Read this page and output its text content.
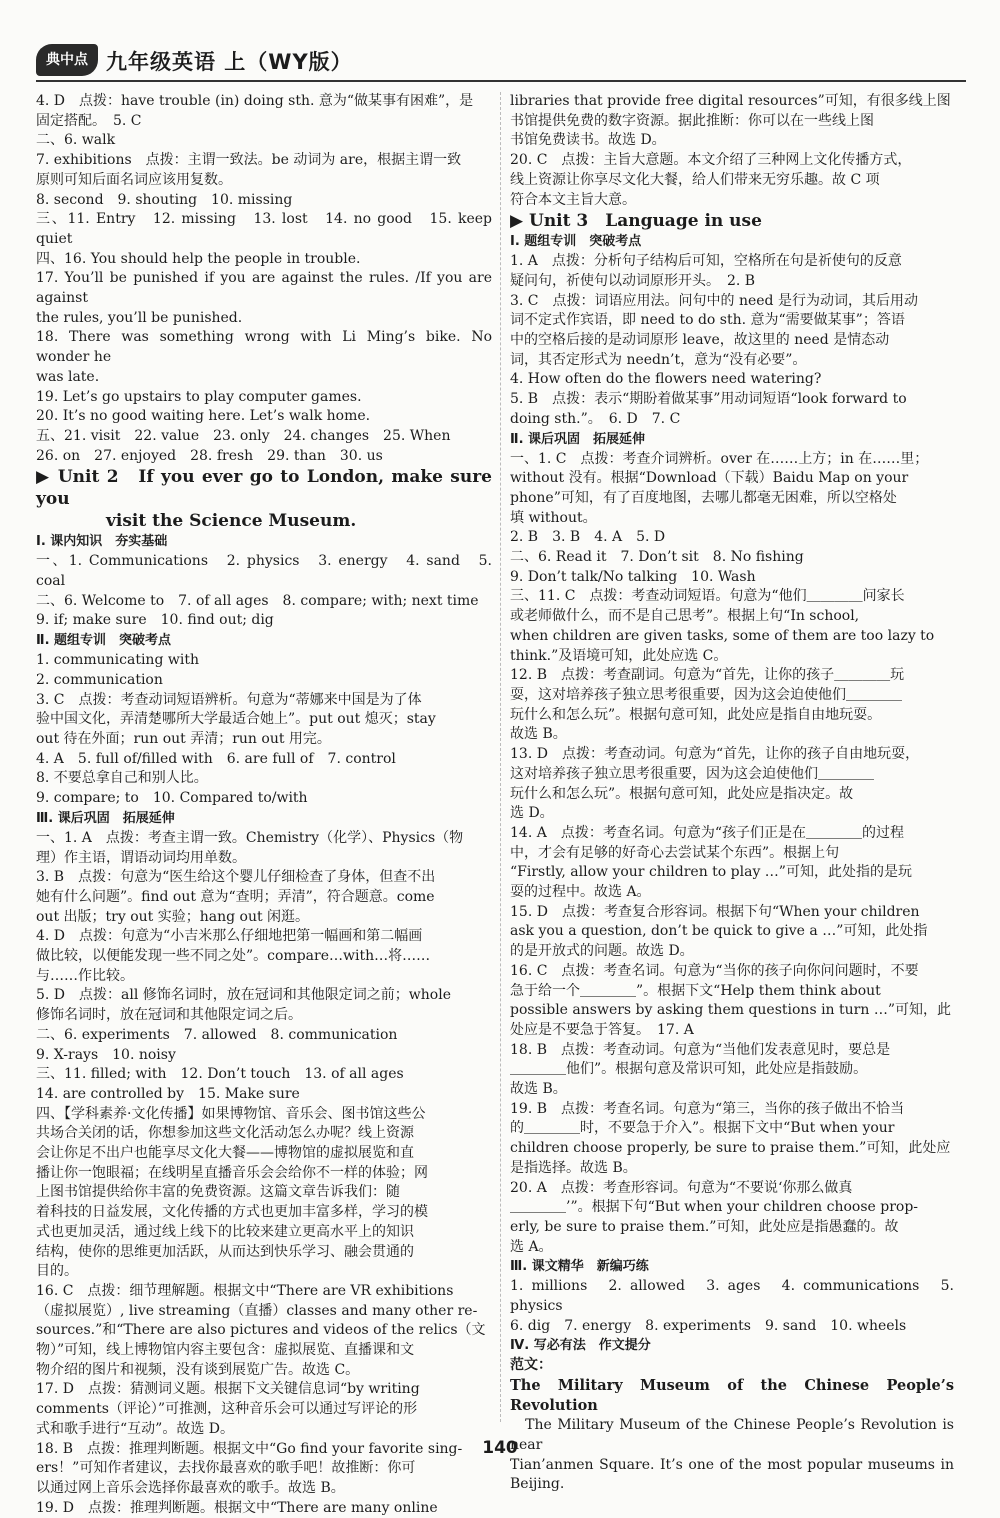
典中点 九年级英语 上（WY版）

4. D　点拨：have trouble (in) doing sth. 意为“做某事有困难”，是

固定搭配。　5. C

二、6. walk

7. exhibitions　点拨：主谓一致法。be 动词为 are，根据主谓一致

原则可知后面名词应该用复数。

8. second　9. shouting　10. missing

三、11. Entry　12. missing　13. lost　14. no good　15. keep quiet

四、16. You should help the people in trouble.

17. You’ll be punished if you are against the rules. /If you are against

the rules, you’ll be punished.

18. There was something wrong with Li Ming’s bike. No wonder he

was late.

19. Let’s go upstairs to play computer games.

20. It’s no good waiting here. Let’s walk home.

五、21. visit　22. value　23. only　24. changes　25. When

26. on　27. enjoyed　28. fresh　29. than　30. us

▶ Unit 2　If you ever go to London, make sure you

visit the Science Museum.

Ⅰ. 课内知识　夯实基础

一、1. Communications　2. physics　3. energy　4. sand　5. coal

二、6. Welcome to　7. of all ages　8. compare; with; next time

9. if; make sure　10. find out; dig

Ⅱ. 题组专训　突破考点

1. communicating with

2. communication

3. C　点拨：考查动词短语辨析。句意为“蒂娜来中国是为了体

验中国文化，弄清楚哪所大学最适合她上”。put out 熄灭；stay

out 待在外面；run out 弄清；run out 用完。

4. A　5. full of/filled with　6. are full of　7. control

8. 不要总拿自己和别人比。

9. compare; to　10. Compared to/with

Ⅲ. 课后巩固　拓展延伸

一、1. A　点拨：考查主谓一致。Chemistry（化学）、Physics（物

理）作主语，谓语动词均用单数。

3. B　点拨：句意为“医生给这个婴儿仔细检查了身体，但查不出

她有什么问题”。find out 意为“查明；弄清”，符合题意。come

out 出版；try out 实验；hang out 闲逛。

4. D　点拨：句意为“小吉米那么仔细地把第一幅画和第二幅画

做比较，以便能发现一些不同之处”。compare…with…将……

与……作比较。

5. D　点拨：all 修饰名词时，放在冠词和其他限定词之前；whole

修饰名词时，放在冠词和其他限定词之后。

二、6. experiments　7. allowed　8. communication

9. X-rays　10. noisy

三、11. filled; with　12. Don’t touch　13. of all ages

14. are controlled by　15. Make sure

四、【学科素养·文化传播】如果博物馆、音乐会、图书馆这些公

共场合关闭的话，你想参加这些文化活动怎么办呢？线上资源

会让你足不出户也能享尽文化大餐——博物馆的虚拟展览和直

播让你一饱眼福；在线明星直播音乐会会给你不一样的体验；网

上图书馆提供给你丰富的免费资源。这篇文章告诉我们：随

着科技的日益发展，文化传播的方式也更加丰富多样，学习的模

式也更加灵活，通过线上线下的比较来建立更高水平上的知识

结构，使你的思维更加活跃，从而达到快乐学习、融会贯通的

目的。

16. C　点拨：细节理解题。根据文中“There are VR exhibitions

（虚拟展览）, live streaming（直播）classes and many other re-

sources.”和“There are also pictures and videos of the relics（文

物）”可知，线上博物馆内容主要包含：虚拟展览、直播课和文

物介绍的图片和视频，没有谈到展览广告。故选 C。

17. D　点拨：猜测词义题。根据下文关键信息词“by writing

comments（评论）”可推测，这种音乐会可以通过写评论的形

式和歌手进行“互动”。故选 D。

18. B　点拨：推理判断题。根据文中“Go find your favorite sing-

ers！”可知作者建议，去找你最喜欢的歌手吧！故推断：你可

以通过网上音乐会选择你最喜欢的歌手。故选 B。

19. D　点拨：推理判断题。根据文中“There are many online

libraries that provide free digital resources”可知，有很多线上图

书馆提供免费的数字资源。据此推断：你可以在一些线上图

书馆免费读书。故选 D。

20. C　点拨：主旨大意题。本文介绍了三种网上文化传播方式，

线上资源让你享尽文化大餐，给人们带来无穷乐趣。故 C 项

符合本文主旨大意。

▶ Unit 3　Language in use

Ⅰ. 题组专训　突破考点

1. A　点拨：分析句子结构后可知，空格所在句是祈使句的反意

疑问句，祈使句以动词原形开头。　2. B

3. C　点拨：词语应用法。问句中的 need 是行为动词，其后用动

词不定式作宾语，即 need to do sth. 意为“需要做某事”；答语

中的空格后接的是动词原形 leave，故这里的 need 是情态动

词，其否定形式为 needn’t，意为“没有必要”。

4. How often do the flowers need watering?

5. B　点拨：表示“期盼着做某事”用动词短语“look forward to

doing sth.”。　6. D　7. C

Ⅱ. 课后巩固　拓展延伸

一、1. C　点拨：考查介词辨析。over 在……上方；in 在……里；

without 没有。根据“Download（下载）Baidu Map on your

phone”可知，有了百度地图，去哪儿都毫无困难，所以空格处

填 without。

2. B　3. B　4. A　5. D

二、6. Read it　7. Don’t sit　8. No fishing

9. Don’t talk/No talking　10. Wash

三、11. C　点拨：考查动词短语。句意为“他们＿＿＿＿问家长

或老师做什么，而不是自己思考”。根据上句“In school,

when children are given tasks, some of them are too lazy to

think.”及语境可知，此处应选 C。

12. B　点拨：考查副词。句意为“首先，让你的孩子＿＿＿＿玩

耍，这对培养孩子独立思考很重要，因为这会迫使他们＿＿＿＿

玩什么和怎么玩”。根据句意可知，此处应是指自由地玩耍。

故选 B。

13. D　点拨：考查动词。句意为“首先，让你的孩子自由地玩耍，

这对培养孩子独立思考很重要，因为这会迫使他们＿＿＿＿

玩什么和怎么玩”。根据句意可知，此处应是指决定。故

选 D。

14. A　点拨：考查名词。句意为“孩子们正是在＿＿＿＿的过程

中，才会有足够的好奇心去尝试某个东西”。根据上句

“Firstly, allow your children to play …”可知，此处指的是玩

耍的过程中。故选 A。

15. D　点拨：考查复合形容词。根据下句“When your children

ask you a question, don’t be quick to give a …”可知，此处指

的是开放式的问题。故选 D。

16. C　点拨：考查名词。句意为“当你的孩子向你问问题时，不要

急于给一个＿＿＿＿”。根据下文“Help them think about

possible answers by asking them questions in turn …”可知，此

处应是不要急于答复。　17. A

18. B　点拨：考查动词。句意为“当他们发表意见时，要总是

＿＿＿＿他们”。根据句意及常识可知，此处应是指鼓励。

故选 B。

19. B　点拨：考查名词。句意为“第三，当你的孩子做出不恰当

的＿＿＿＿时，不要急于介入”。根据下文中“But when your

children choose properly, be sure to praise them.”可知，此处应

是指选择。故选 B。

20. A　点拨：考查形容词。句意为“不要说‘你那么做真

＿＿＿＿’”。根据下句“But when your children choose prop-

erly, be sure to praise them.”可知，此处应是指愚蠢的。故

选 A。

Ⅲ. 课文精华　新编巧练

1. millions　2. allowed　3. ages　4. communications　5. physics

6. dig　7. energy　8. experiments　9. sand　10. wheels

Ⅳ. 写必有法　作文提分

范文：

The Military Museum of the Chinese People’s Revolution

　The Military Museum of the Chinese People’s Revolution is near

Tian’anmen Square. It’s one of the most popular museums in Beijing.

140
